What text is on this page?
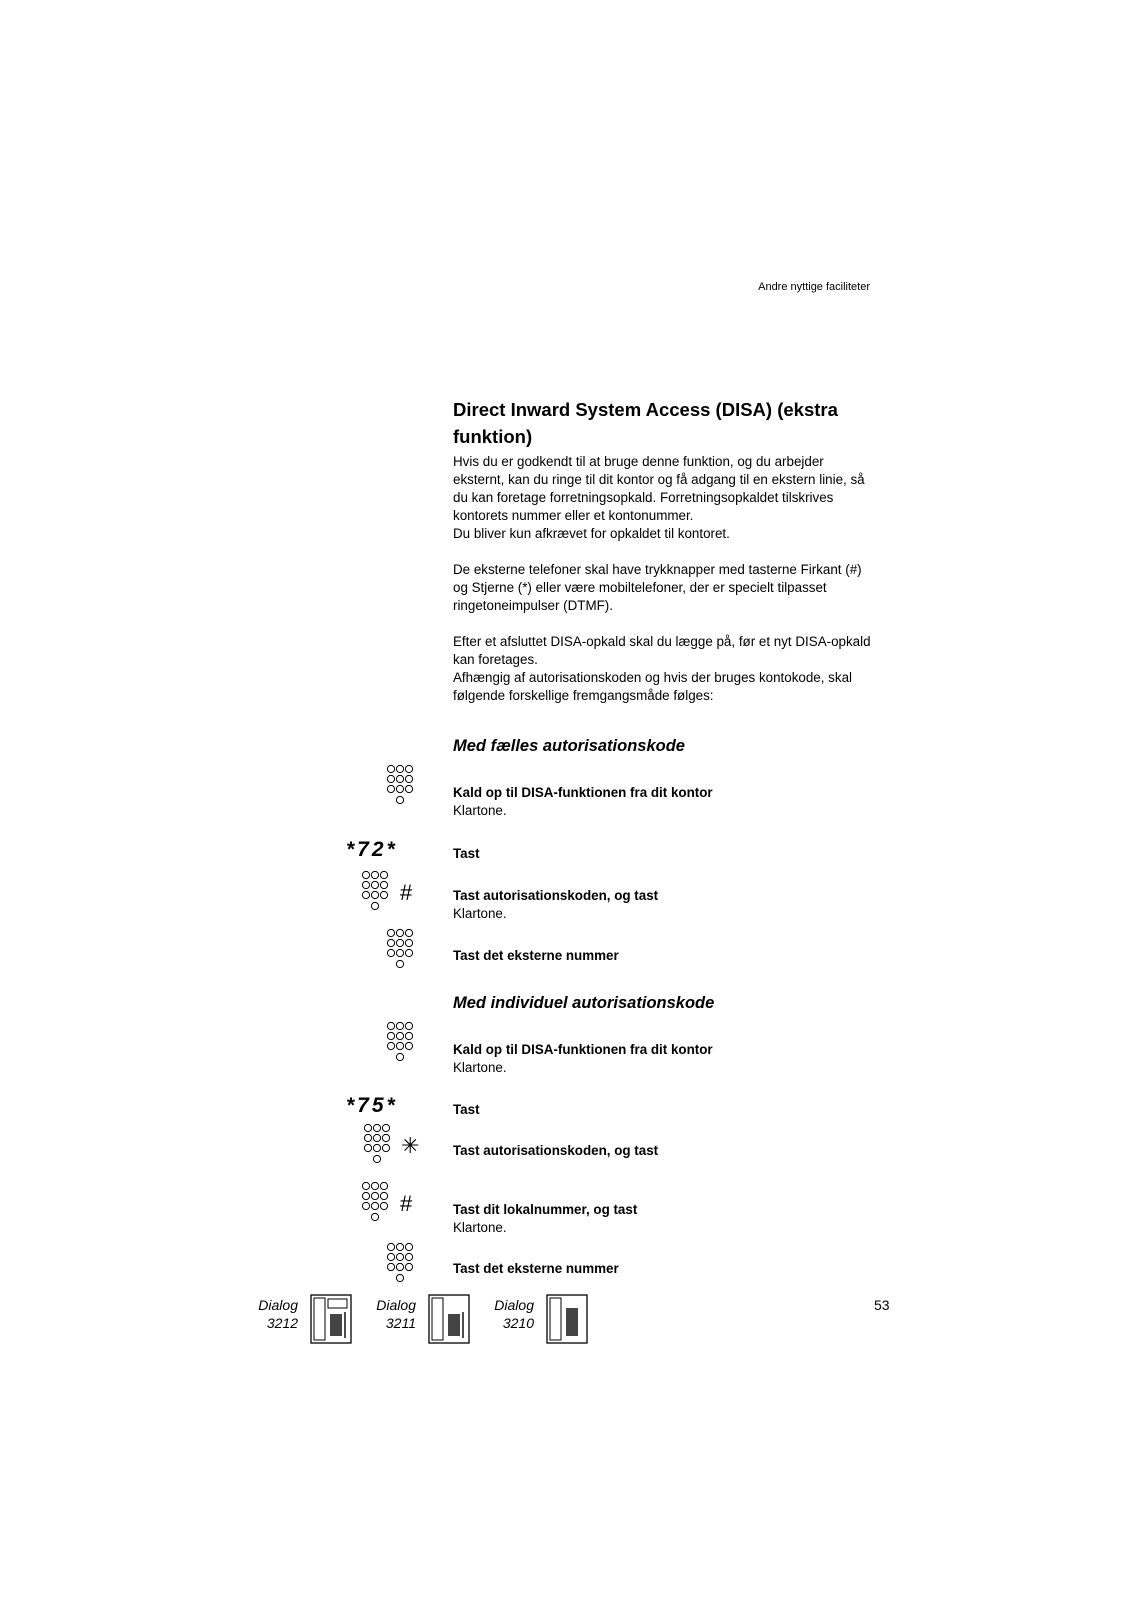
Andre nyttige faciliteter
Direct Inward System Access (DISA) (ekstra funktion)
Hvis du er godkendt til at bruge denne funktion, og du arbejder
eksternt, kan du ringe til dit kontor og få adgang til en ekstern linie, så
du kan foretage forretningsopkald. Forretningsopkaldet tilskrives
kontorets nummer eller et kontonummer.
Du bliver kun afkrævet for opkaldet til kontoret.
De eksterne telefoner skal have trykknapper med tasterne Firkant (#)
og Stjerne (*) eller være mobiltelefoner, der er specielt tilpasset
ringetoneimpulser (DTMF).
Efter et afsluttet DISA-opkald skal du lægge på, før et nyt DISA-opkald
kan foretages.
Afhængig af autorisationskoden og hvis der bruges kontokode, skal
følgende forskellige fremgangsmåde følges:
Med fælles autorisationskode
Kald op til DISA-funktionen fra dit kontor
Klartone.
*72*	Tast
#	Tast autorisationskoden, og tast
Klartone.
Tast det eksterne nummer
Med individuel autorisationskode
Kald op til DISA-funktionen fra dit kontor
Klartone.
*75*	Tast
✳	Tast autorisationskoden, og tast
#	Tast dit lokalnummer, og tast
Klartone.
Tast det eksterne nummer
Dialog
3212
Dialog
3211
Dialog
3210
53
